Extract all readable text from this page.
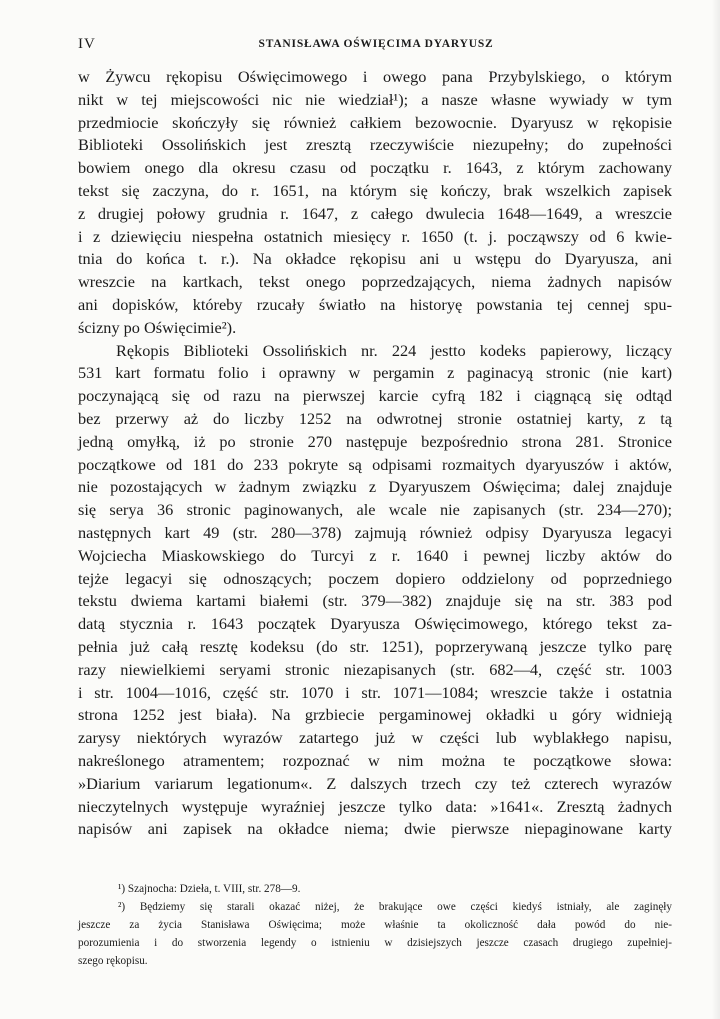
IV	STANISŁAWA OŚWIĘCIMA DYARYUSZ
w Żywcu rękopisu Oświęcimowego i owego pana Przybylskiego, o którym
nikt w tej miejscowości nic nie wiedział¹); a nasze własne wywiady w tym
przedmiocie skończyły się również całkiem bezowocnie. Dyaryusz w rękopisie
Biblioteki Ossolińskich jest zresztą rzeczywiście niezupełny; do zupełności
bowiem onego dla okresu czasu od początku r. 1643, z którym zachowany
tekst się zaczyna, do r. 1651, na którym się kończy, brak wszelkich zapisek
z drugiej połowy grudnia r. 1647, z całego dwulecia 1648—1649, a wreszcie
i z dziewięciu niespełna ostatnich miesięcy r. 1650 (t. j. począwszy od 6 kwie-
tnia do końca t. r.). Na okładce rękopisu ani u wstępu do Dyaryusza, ani
wreszcie na kartkach, tekst onego poprzedzających, niema żadnych napisów
ani dopisków, któreby rzucały światło na historyę powstania tej cennej spu-
ścizny po Oświęcimie²).
Rękopis Biblioteki Ossolińskich nr. 224 jestto kodeks papierowy, liczący
531 kart formatu folio i oprawny w pergamin z paginacyą stronic (nie kart)
poczynającą się od razu na pierwszej karcie cyfrą 182 i ciągnącą się odtąd
bez przerwy aż do liczby 1252 na odwrotnej stronie ostatniej karty, z tą
jedną omyłką, iż po stronie 270 następuje bezpośrednio strona 281. Stronice
początkowe od 181 do 233 pokryte są odpisami rozmaitych dyaryuszów i aktów,
nie pozostających w żadnym związku z Dyaryuszem Oświęcima; dalej znajduje
się serya 36 stronic paginowanych, ale wcale nie zapisanych (str. 234—270);
następnych kart 49 (str. 280—378) zajmują również odpisy Dyaryusza legacyi
Wojciecha Miaskowskiego do Turcyi z r. 1640 i pewnej liczby aktów do
tejże legacyi się odnoszących; poczem dopiero oddzielony od poprzedniego
tekstu dwiema kartami białemi (str. 379—382) znajduje się na str. 383 pod
datą stycznia r. 1643 początek Dyaryusza Oświęcimowego, którego tekst za-
pełnia już całą resztę kodeksu (do str. 1251), poprzerywaną jeszcze tylko parę
razy niewielkiemi seryami stronic niezapisanych (str. 682—4, część str. 1003
i str. 1004—1016, część str. 1070 i str. 1071—1084; wreszcie także i ostatnia
strona 1252 jest biała). Na grzbiecie pergaminowej okładki u góry widnieją
zarysy niektórych wyrazów zatartego już w części lub wyblakłego napisu,
nakreślonego atramentem; rozpoznać w nim można te początkowe słowa:
»Diarium variarum legationum«. Z dalszych trzech czy też czterech wyrazów
nieczytelnych występuje wyraźniej jeszcze tylko data: »1641«. Zresztą żadnych
napisów ani zapisek na okładce niema; dwie pierwsze niepaginowane karty
¹) Szajnocha: Dzieła, t. VIII, str. 278—9.
²) Będziemy się starali okazać niżej, że brakujące owe części kiedyś istniały, ale zaginęły
jeszcze za życia Stanisława Oświęcima; może właśnie ta okoliczność dała powód do nie-
porozumienia i do stworzenia legendy o istnieniu w dzisiejszych jeszcze czasach drugiego zupełniej-
szego rękopisu.
